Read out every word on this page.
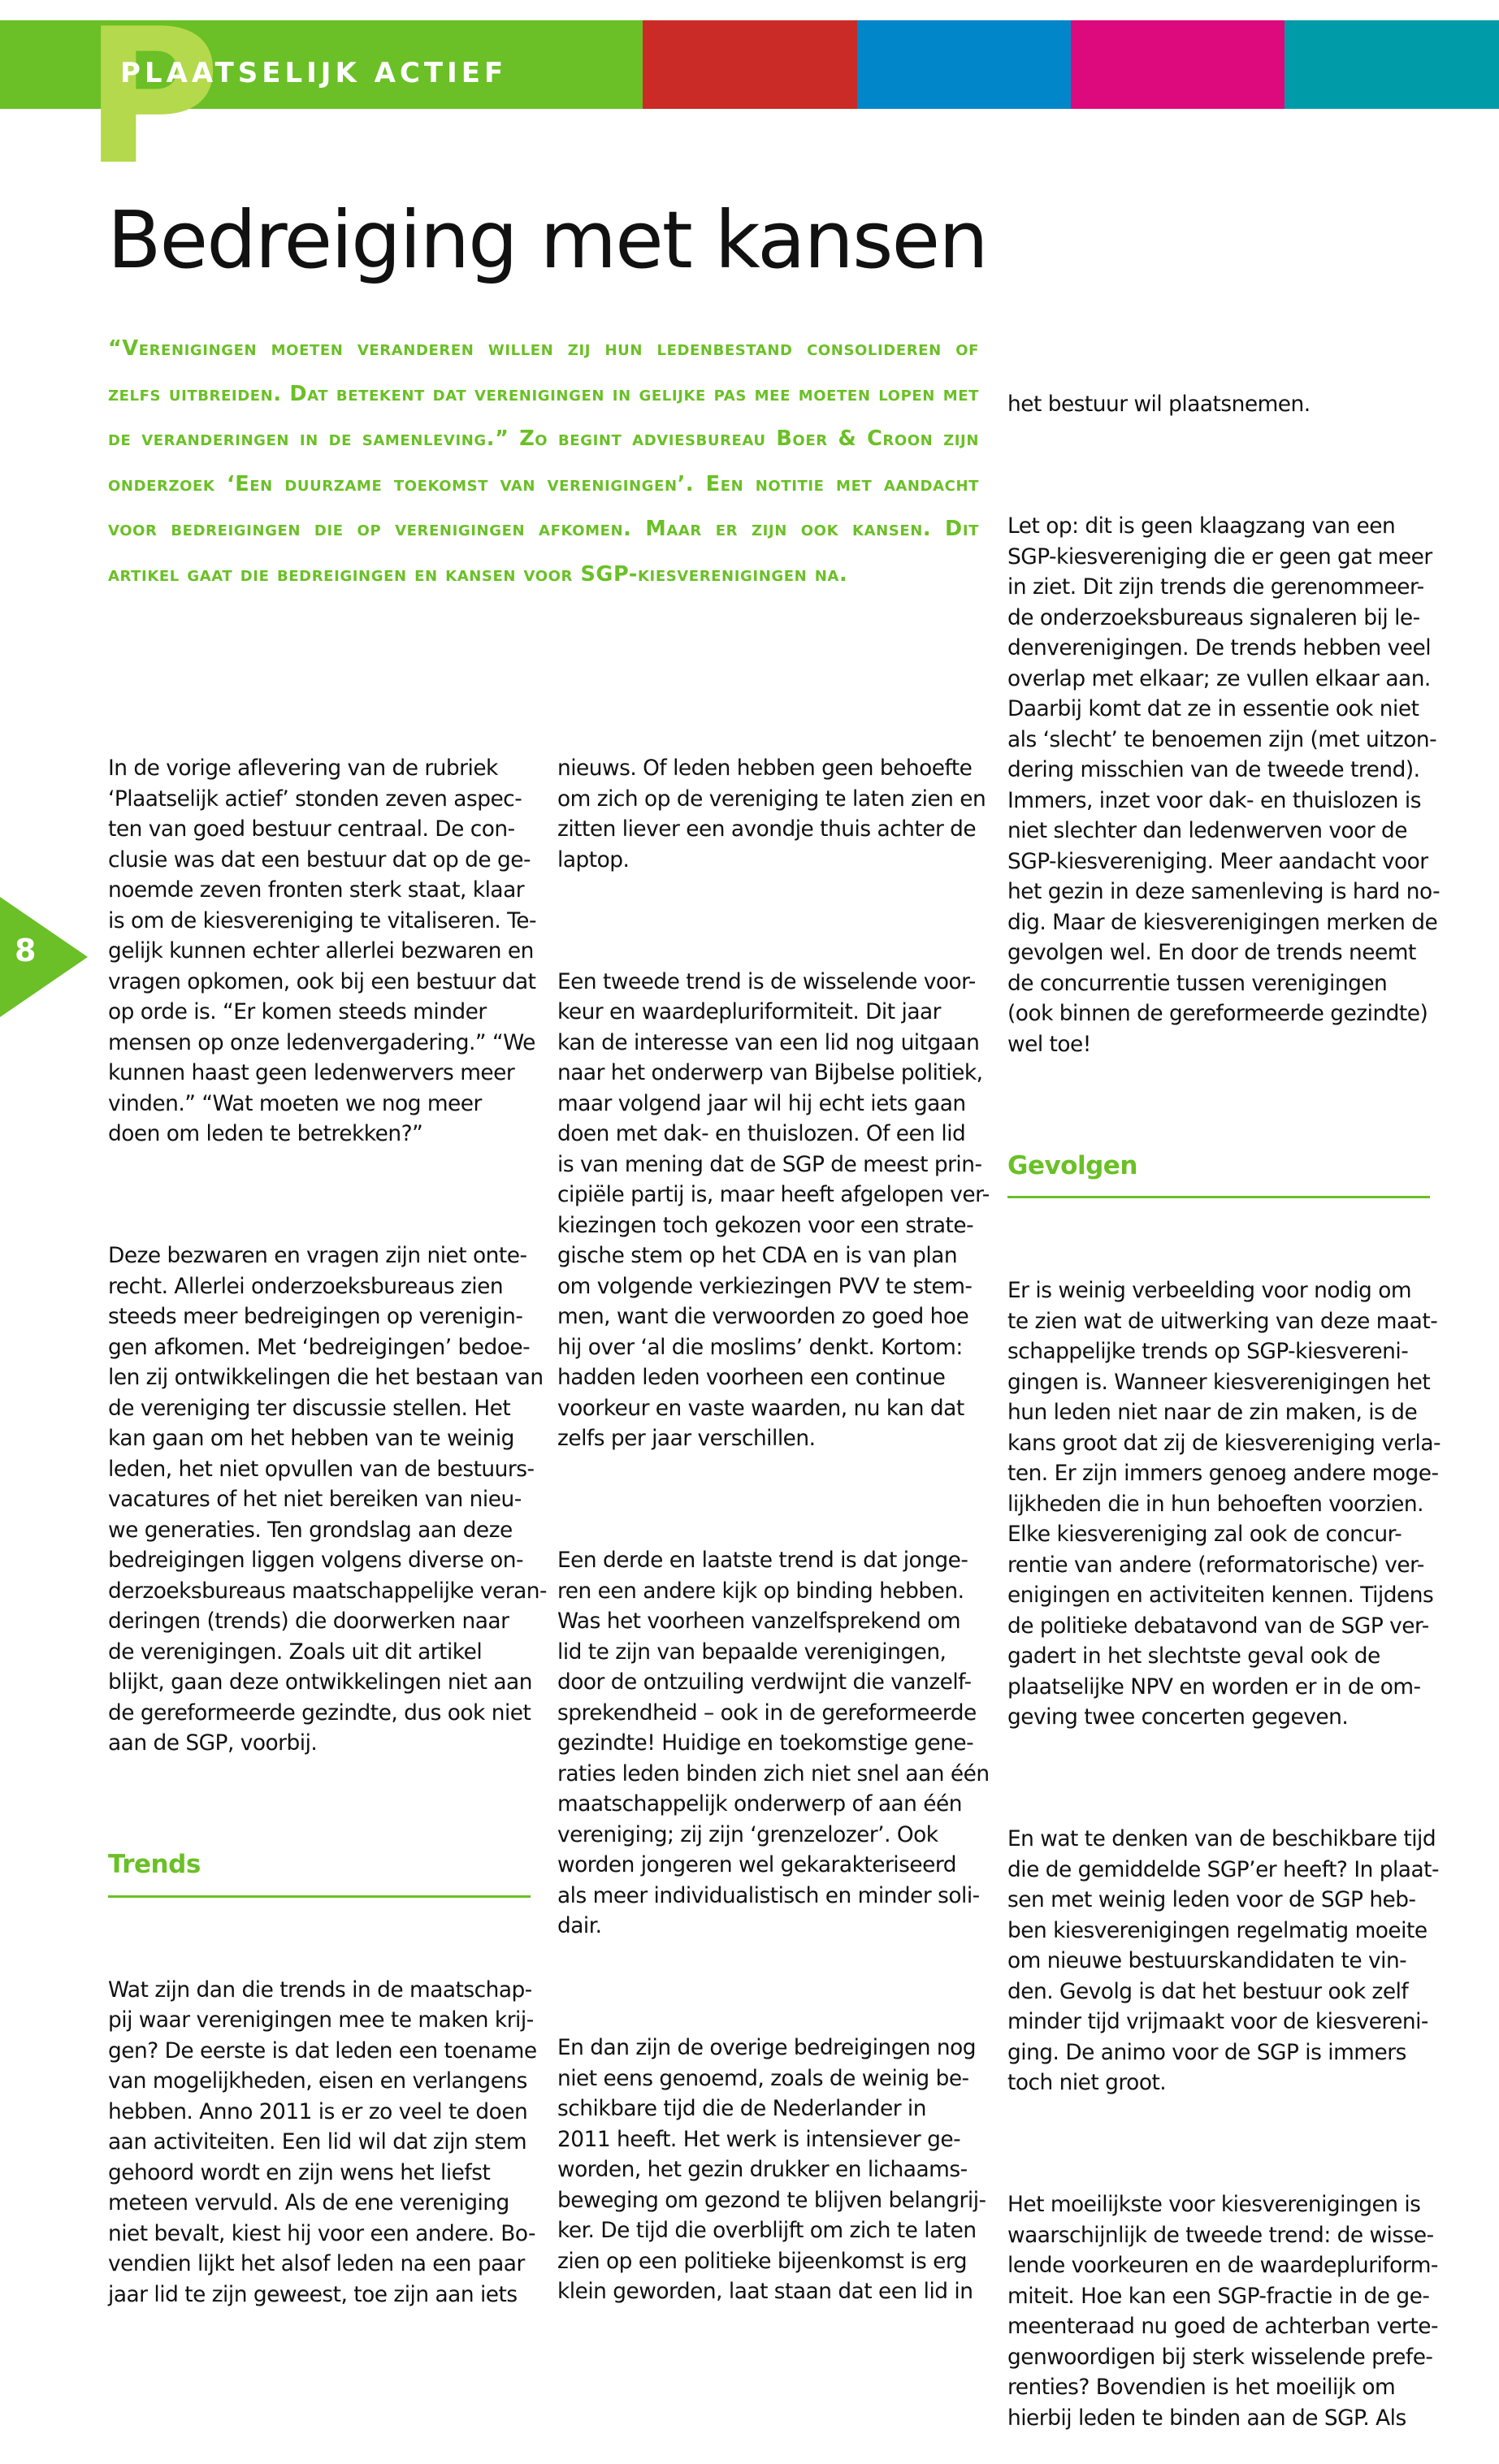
P
PLAATSELIJK ACTIEF
Bedreiging met kansen
“Verenigingen moeten veranderen willen zij hun ledenbestand consolideren of zelfs uitbreiden. Dat betekent dat verenigingen in gelijke pas mee moeten lopen met de veranderingen in de samenleving.” Zo begint adviesbureau Boer & Croon zijn onderzoek ‘Een duurzame toekomst van verenigingen’. Een notitie met aandacht voor bedreigingen die op verenigingen afkomen. Maar er zijn ook kansen. Dit artikel gaat die bedreigingen en kansen voor SGP-kiesverenigingen na.

In de vorige aflevering van de rubriek
‘Plaatselijk actief’ stonden zeven aspec-
ten van goed bestuur centraal. De con-
clusie was dat een bestuur dat op de ge-
noemde zeven fronten sterk staat, klaar
is om de kiesvereniging te vitaliseren. Te-
gelijk kunnen echter allerlei bezwaren en
vragen opkomen, ook bij een bestuur dat
op orde is. “Er komen steeds minder
mensen op onze ledenvergadering.” “We
kunnen haast geen ledenwervers meer
vinden.” “Wat moeten we nog meer
doen om leden te betrekken?”

Deze bezwaren en vragen zijn niet onte-
recht. Allerlei onderzoeksbureaus zien
steeds meer bedreigingen op verenigin-
gen afkomen. Met ‘bedreigingen’ bedoe-
len zij ontwikkelingen die het bestaan van
de vereniging ter discussie stellen. Het
kan gaan om het hebben van te weinig
leden, het niet opvullen van de bestuurs-
vacatures of het niet bereiken van nieu-
we generaties. Ten grondslag aan deze
bedreigingen liggen volgens diverse on-
derzoeksbureaus maatschappelijke veran-
deringen (trends) die doorwerken naar
de verenigingen. Zoals uit dit artikel
blijkt, gaan deze ontwikkelingen niet aan
de gereformeerde gezindte, dus ook niet
aan de SGP, voorbij.

Trends

Wat zijn dan die trends in de maatschap-
pij waar verenigingen mee te maken krij-
gen? De eerste is dat leden een toename
van mogelijkheden, eisen en verlangens
hebben. Anno 2011 is er zo veel te doen
aan activiteiten. Een lid wil dat zijn stem
gehoord wordt en zijn wens het liefst
meteen vervuld. Als de ene vereniging
niet bevalt, kiest hij voor een andere. Bo-
vendien lijkt het alsof leden na een paar
jaar lid te zijn geweest, toe zijn aan iets

nieuws. Of leden hebben geen behoefte
om zich op de vereniging te laten zien en
zitten liever een avondje thuis achter de
laptop.

Een tweede trend is de wisselende voor-
keur en waardepluriformiteit. Dit jaar
kan de interesse van een lid nog uitgaan
naar het onderwerp van Bijbelse politiek,
maar volgend jaar wil hij echt iets gaan
doen met dak- en thuislozen. Of een lid
is van mening dat de SGP de meest prin-
cipiële partij is, maar heeft afgelopen ver-
kiezingen toch gekozen voor een strate-
gische stem op het CDA en is van plan
om volgende verkiezingen PVV te stem-
men, want die verwoorden zo goed hoe
hij over ‘al die moslims’ denkt. Kortom:
hadden leden voorheen een continue
voorkeur en vaste waarden, nu kan dat
zelfs per jaar verschillen.

Een derde en laatste trend is dat jonge-
ren een andere kijk op binding hebben.
Was het voorheen vanzelfsprekend om
lid te zijn van bepaalde verenigingen,
door de ontzuiling verdwijnt die vanzelf-
sprekendheid – ook in de gereformeerde
gezindte! Huidige en toekomstige gene-
raties leden binden zich niet snel aan één
maatschappelijk onderwerp of aan één
vereniging; zij zijn ‘grenzelozer’. Ook
worden jongeren wel gekarakteriseerd
als meer individualistisch en minder soli-
dair.

En dan zijn de overige bedreigingen nog
niet eens genoemd, zoals de weinig be-
schikbare tijd die de Nederlander in
2011 heeft. Het werk is intensiever ge-
worden, het gezin drukker en lichaams-
beweging om gezond te blijven belangrij-
ker. De tijd die overblijft om zich te laten
zien op een politieke bijeenkomst is erg
klein geworden, laat staan dat een lid in

het bestuur wil plaatsnemen.

Let op: dit is geen klaagzang van een
SGP-kiesvereniging die er geen gat meer
in ziet. Dit zijn trends die gerenommeer-
de onderzoeksbureaus signaleren bij le-
denverenigingen. De trends hebben veel
overlap met elkaar; ze vullen elkaar aan.
Daarbij komt dat ze in essentie ook niet
als ‘slecht’ te benoemen zijn (met uitzon-
dering misschien van de tweede trend).
Immers, inzet voor dak- en thuislozen is
niet slechter dan ledenwerven voor de
SGP-kiesvereniging. Meer aandacht voor
het gezin in deze samenleving is hard no-
dig. Maar de kiesverenigingen merken de
gevolgen wel. En door de trends neemt
de concurrentie tussen verenigingen
(ook binnen de gereformeerde gezindte)
wel toe!

Gevolgen

Er is weinig verbeelding voor nodig om
te zien wat de uitwerking van deze maat-
schappelijke trends op SGP-kiesvereni-
gingen is. Wanneer kiesverenigingen het
hun leden niet naar de zin maken, is de
kans groot dat zij de kiesvereniging verla-
ten. Er zijn immers genoeg andere moge-
lijkheden die in hun behoeften voorzien.
Elke kiesvereniging zal ook de concur-
rentie van andere (reformatorische) ver-
enigingen en activiteiten kennen. Tijdens
de politieke debatavond van de SGP ver-
gadert in het slechtste geval ook de
plaatselijke NPV en worden er in de om-
geving twee concerten gegeven.

En wat te denken van de beschikbare tijd
die de gemiddelde SGP’er heeft? In plaat-
sen met weinig leden voor de SGP heb-
ben kiesverenigingen regelmatig moeite
om nieuwe bestuurskandidaten te vin-
den. Gevolg is dat het bestuur ook zelf
minder tijd vrijmaakt voor de kiesvereni-
ging. De animo voor de SGP is immers
toch niet groot.

Het moeilijkste voor kiesverenigingen is
waarschijnlijk de tweede trend: de wisse-
lende voorkeuren en de waardepluriform-
miteit. Hoe kan een SGP-fractie in de ge-
meenteraad nu goed de achterban verte-
genwoordigen bij sterk wisselende prefe-
renties? Bovendien is het moeilijk om
hierbij leden te binden aan de SGP. Als

8
